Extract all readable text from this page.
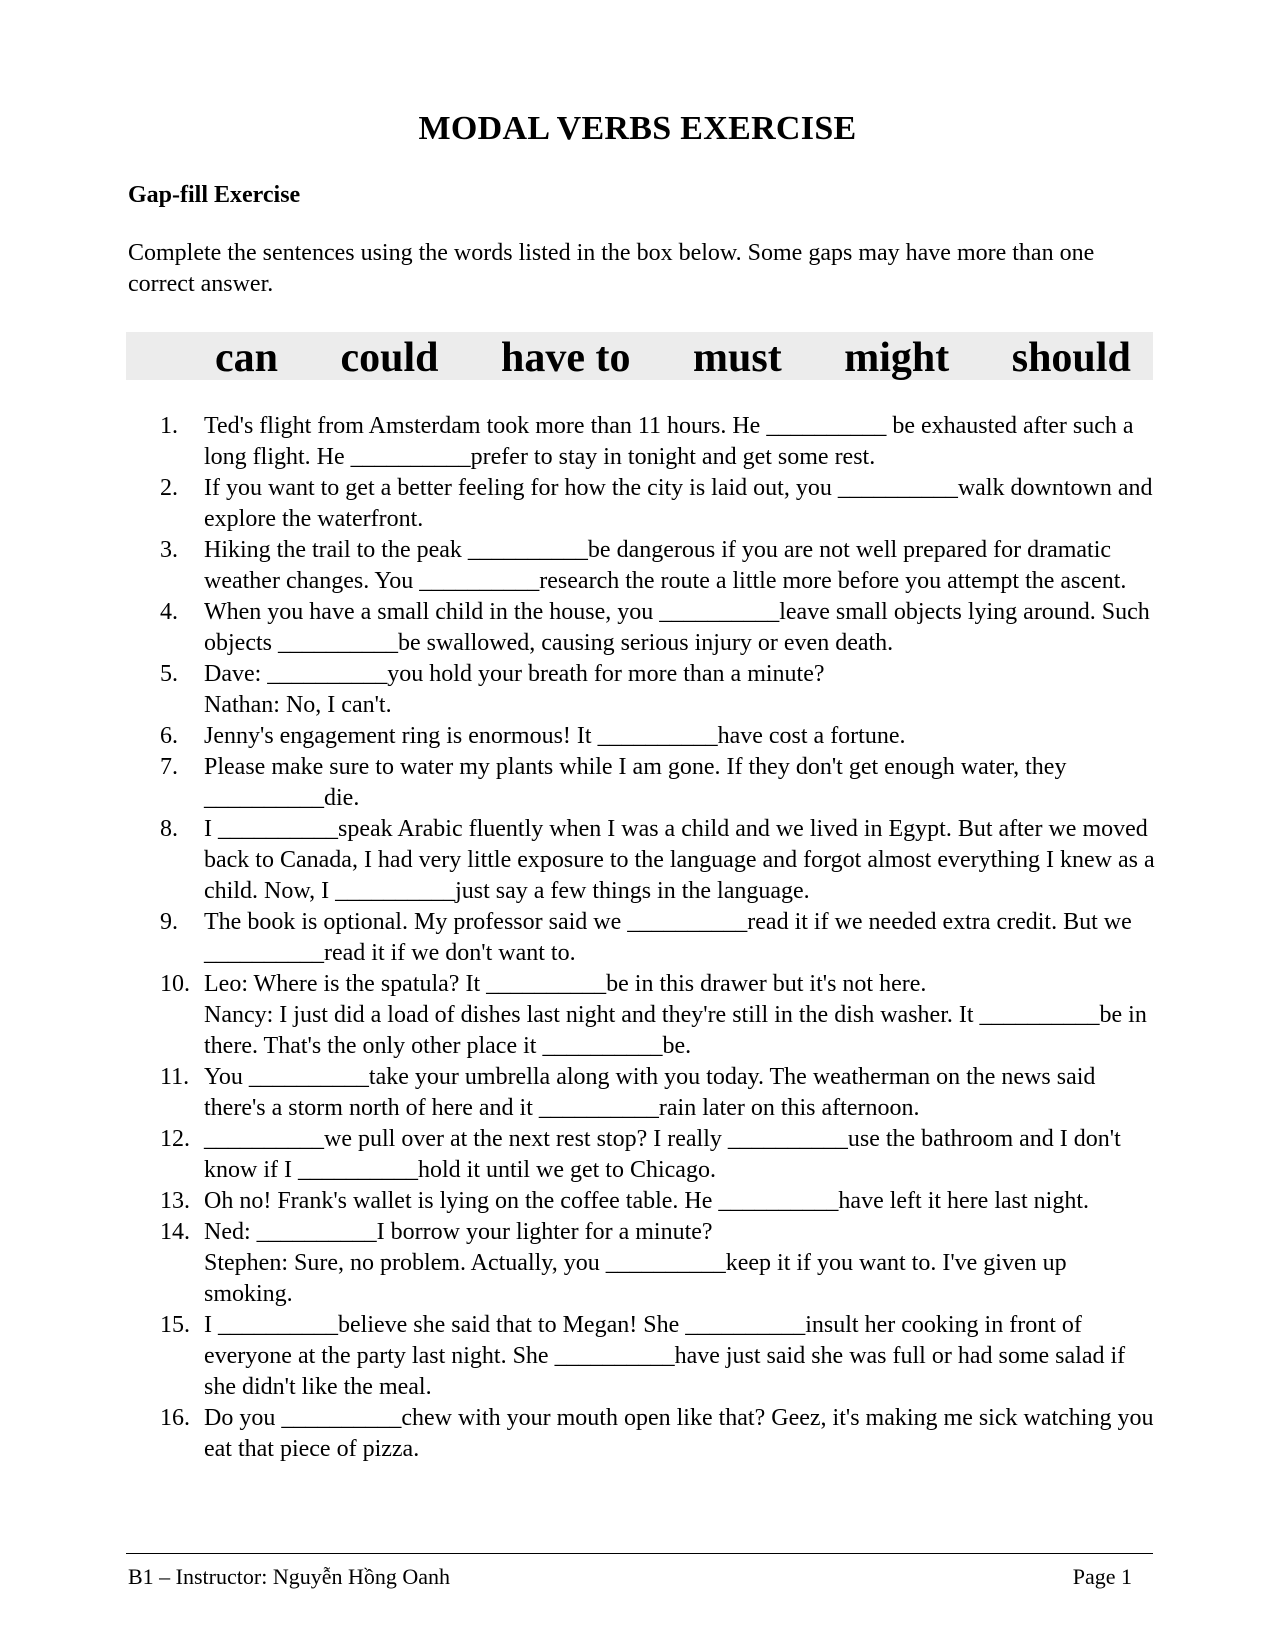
MODAL VERBS EXERCISE
Gap-fill Exercise
Complete the sentences using the words listed in the box below. Some gaps may have more than one correct answer.
can could have to must might should
1.	Ted's flight from Amsterdam took more than 11 hours. He __________ be exhausted after such a long flight. He __________prefer to stay in tonight and get some rest.
2.	If you want to get a better feeling for how the city is laid out, you __________walk downtown and explore the waterfront.
3.	Hiking the trail to the peak __________be dangerous if you are not well prepared for dramatic weather changes. You __________research the route a little more before you attempt the ascent.
4.	When you have a small child in the house, you __________leave small objects lying around. Such objects __________be swallowed, causing serious injury or even death.
5.	Dave: __________you hold your breath for more than a minute?
Nathan: No, I can't.
6.	Jenny's engagement ring is enormous! It __________have cost a fortune.
7.	Please make sure to water my plants while I am gone. If they don't get enough water, they __________die.
8.	I __________speak Arabic fluently when I was a child and we lived in Egypt. But after we moved back to Canada, I had very little exposure to the language and forgot almost everything I knew as a child. Now, I __________just say a few things in the language.
9.	The book is optional. My professor said we __________read it if we needed extra credit. But we __________read it if we don't want to.
10. Leo: Where is the spatula? It __________be in this drawer but it's not here.
Nancy: I just did a load of dishes last night and they're still in the dish washer. It __________be in there. That's the only other place it __________be.
11. You __________take your umbrella along with you today. The weatherman on the news said there's a storm north of here and it __________rain later on this afternoon.
12. __________we pull over at the next rest stop? I really __________use the bathroom and I don't know if I __________hold it until we get to Chicago.
13. Oh no! Frank's wallet is lying on the coffee table. He __________have left it here last night.
14. Ned: __________I borrow your lighter for a minute?
Stephen: Sure, no problem. Actually, you __________keep it if you want to. I've given up smoking.
15. I __________believe she said that to Megan! She __________insult her cooking in front of everyone at the party last night. She __________have just said she was full or had some salad if she didn't like the meal.
16. Do you __________chew with your mouth open like that? Geez, it's making me sick watching you eat that piece of pizza.
B1 – Instructor: Nguyễn Hồng Oanh	Page 1
